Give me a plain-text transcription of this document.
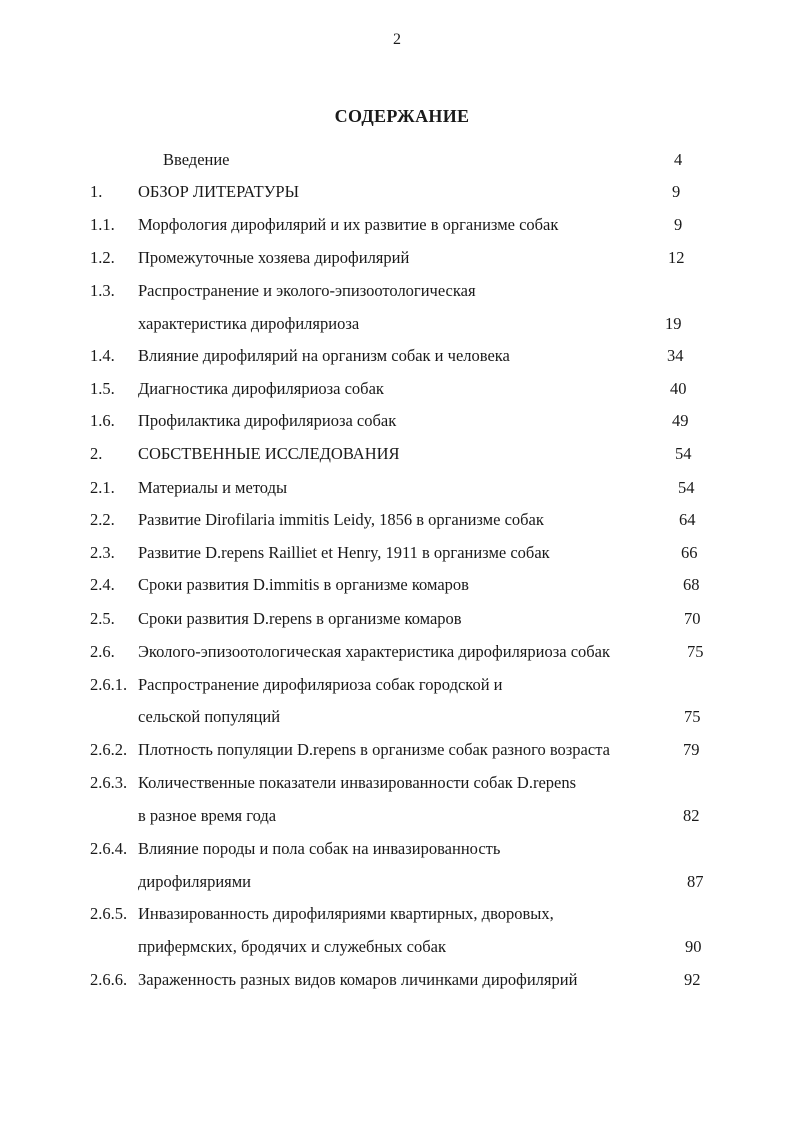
2
СОДЕРЖАНИЕ
Введение	4
1. ОБЗОР ЛИТЕРАТУРЫ	9
1.1. Морфология дирофилярий и их развитие в организме собак	9
1.2. Промежуточные хозяева дирофилярий	12
1.3. Распространение и эколого-эпизоотологическая
характеристика дирофиляриоза	19
1.4. Влияние дирофилярий на организм собак и человека	34
1.5. Диагностика дирофиляриоза собак	40
1.6. Профилактика дирофиляриоза собак	49
2. СОБСТВЕННЫЕ ИССЛЕДОВАНИЯ	54
2.1. Материалы и методы	54
2.2. Развитие Dirofilaria immitis Leidy, 1856 в организме собак	64
2.3. Развитие D.repens Railliet et Henry, 1911 в организме собак	66
2.4. Сроки развития D.immitis в организме комаров	68
2.5. Сроки развития D.repens в организме комаров	70
2.6. Эколого-эпизоотологическая характеристика дирофиляриоза собак	75
2.6.1. Распространение дирофиляриоза собак городской и
сельской популяций	75
2.6.2. Плотность популяции D.repens в организме собак разного возраста	79
2.6.3. Количественные показатели инвазированности собак D.repens
в разное время года	82
2.6.4. Влияние породы и пола собак на инвазированность
дирофиляриями	87
2.6.5. Инвазированность дирофиляриями квартирных, дворовых,
прифермских, бродячих и служебных собак	90
2.6.6. Зараженность разных видов комаров личинками дирофилярий	92
